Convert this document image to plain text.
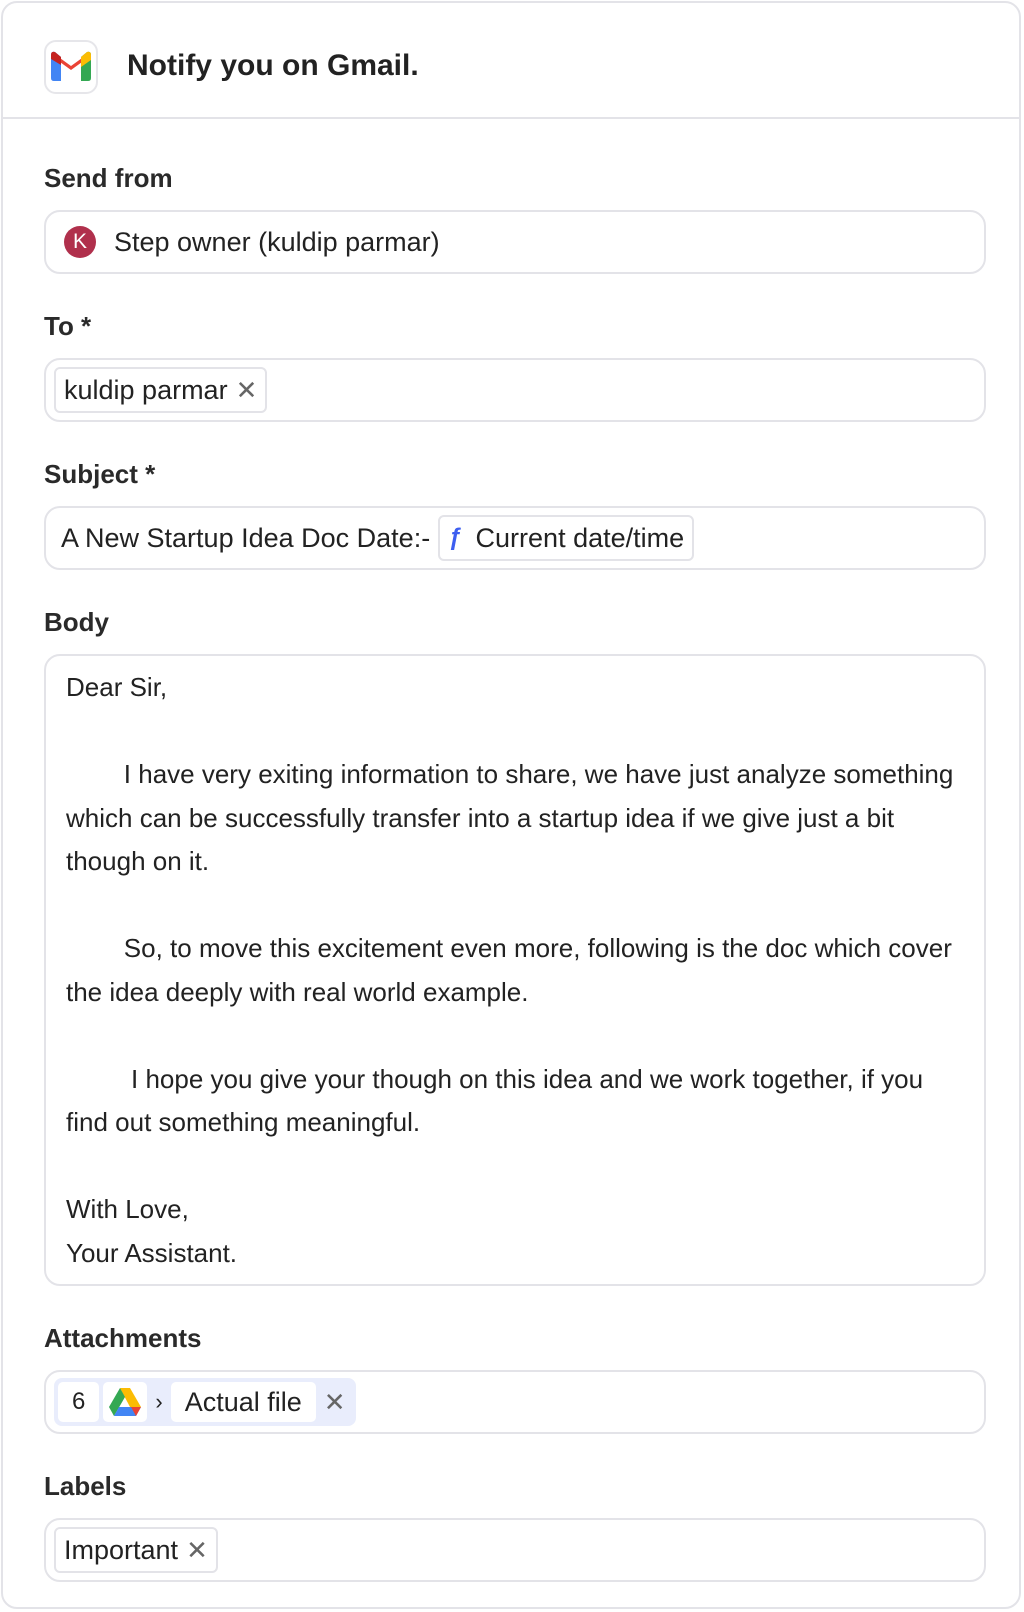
Notify you on Gmail.
Send from
K	Step owner (kuldip parmar)
To *
kuldip parmar ✕
Subject *
A New Startup Idea Doc Date:- ƒ Current date/time
Body
Dear Sir,

I have very exiting information to share, we have just analyze something which can be successfully transfer into a startup idea if we give just a bit though on it.

So, to move this excitement even more, following is the doc which cover the idea deeply with real world example.

I hope you give your though on this idea and we work together, if you find out something meaningful.

With Love,
Your Assistant.
Attachments
6	› Actual file ✕
Labels
Important ✕
